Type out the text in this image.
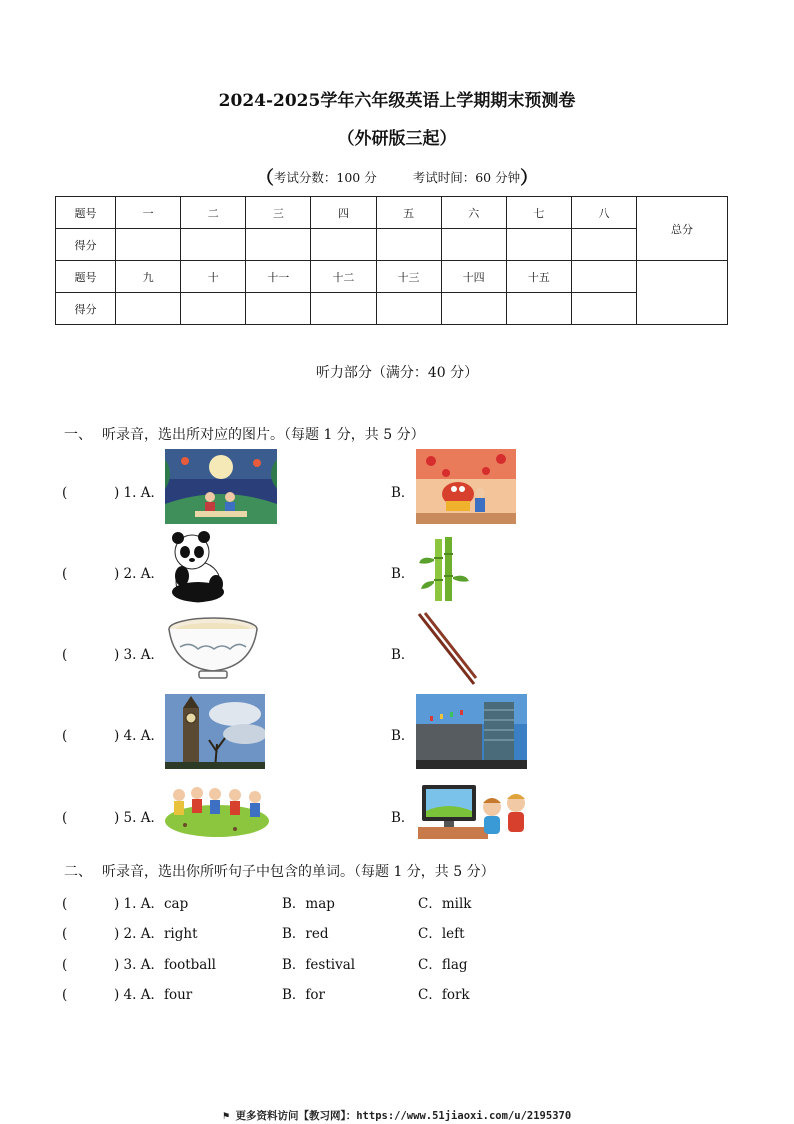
2024-2025学年六年级英语上学期期末预测卷
（外研版三起）
（考试分数：100 分	考试时间：60 分钟）
题号	一	二	三	四	五	六	七	八	总分
得分									
题号	九	十	十一	十二	十三	十四	十五		
得分									
听力部分（满分：40 分）
一、 听录音，选出所对应的图片。（每题 1 分，共 5 分）
(	) 1. A．	B．
(	) 2. A．	B．
(	) 3. A．	B．
(	) 4. A．	B．
(	) 5. A．	B．
二、 听录音，选出你所听句子中包含的单词。（每题 1 分，共 5 分）
(	) 1. A．cap	B．map	C．milk
(	) 2. A．right	B．red	C．left
(	) 3. A．football	B．festival	C．flag
(	) 4. A．four	B．for	C．fork
⚑ 更多资料访问【教习网】：https://www.51jiaoxi.com/u/2195370
